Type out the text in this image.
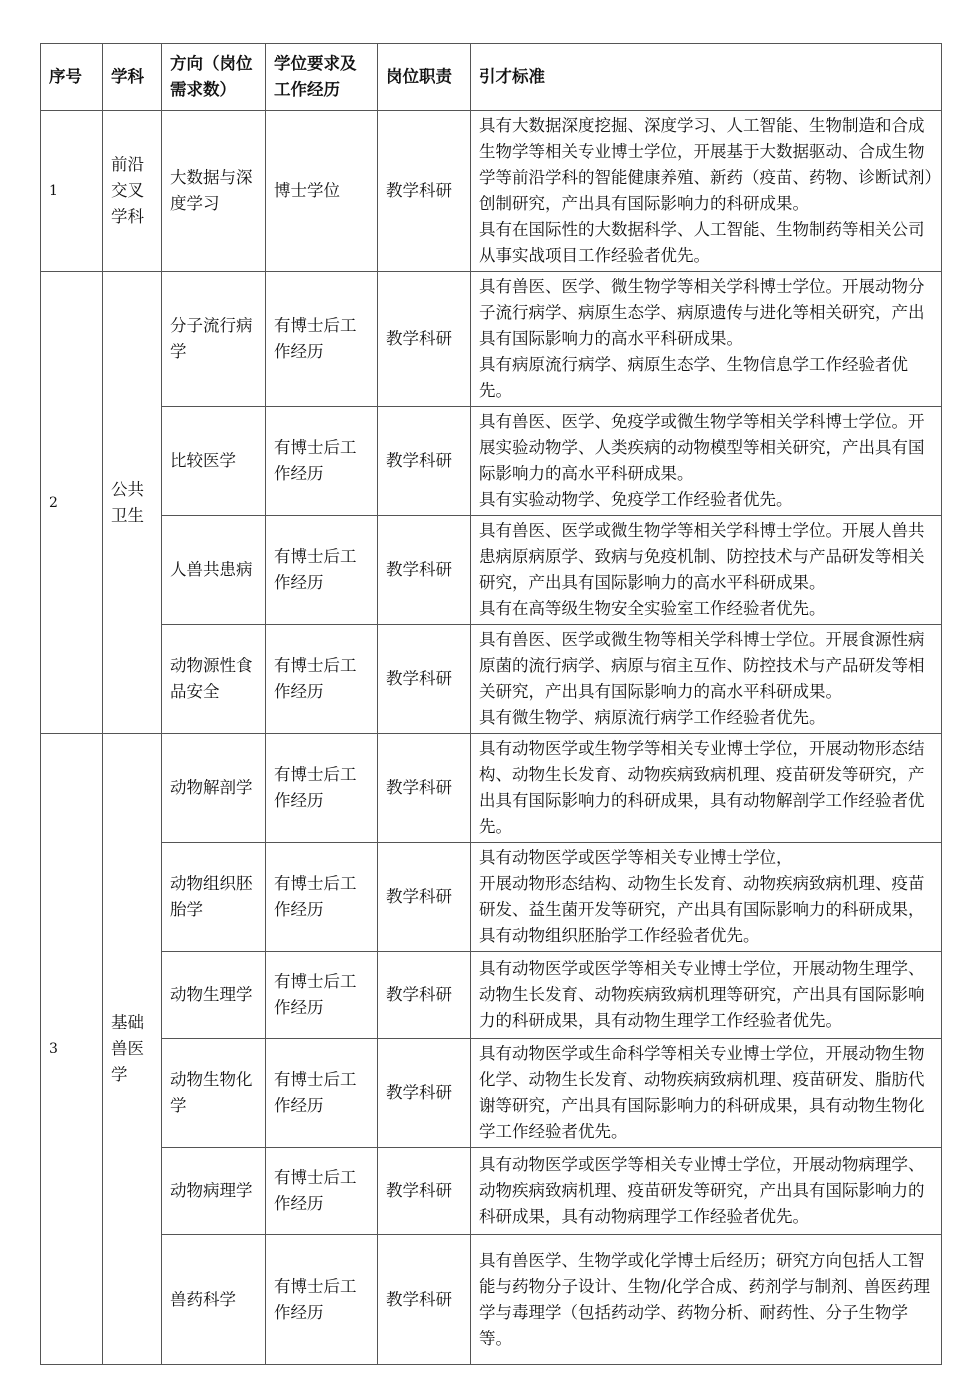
序号	学科	方向（岗位需求数）	学位要求及工作经历	岗位职责	引才标准
1	前沿交叉学科	大数据与深度学习	博士学位	教学科研	具有大数据深度挖掘、深度学习、人工智能、生物制造和合成生物学等相关专业博士学位，开展基于大数据驱动、合成生物学等前沿学科的智能健康养殖、新药（疫苗、药物、诊断试剂）创制研究，产出具有国际影响力的科研成果。
具有在国际性的大数据科学、人工智能、生物制药等相关公司从事实战项目工作经验者优先。

2	公共卫生	分子流行病学	有博士后工作经历	教学科研	具有兽医、医学、微生物学等相关学科博士学位。开展动物分子流行病学、病原生态学、病原遗传与进化等相关研究，产出具有国际影响力的高水平科研成果。
具有病原流行病学、病原生态学、生物信息学工作经验者优先。

		比较医学	有博士后工作经历	教学科研	具有兽医、医学、免疫学或微生物学等相关学科博士学位。开展实验动物学、人类疾病的动物模型等相关研究，产出具有国际影响力的高水平科研成果。
具有实验动物学、免疫学工作经验者优先。

		人兽共患病	有博士后工作经历	教学科研	具有兽医、医学或微生物学等相关学科博士学位。开展人兽共患病原病原学、致病与免疫机制、防控技术与产品研发等相关研究，产出具有国际影响力的高水平科研成果。
具有在高等级生物安全实验室工作经验者优先。

		动物源性食品安全	有博士后工作经历	教学科研	具有兽医、医学或微生物等相关学科博士学位。开展食源性病原菌的流行病学、病原与宿主互作、防控技术与产品研发等相关研究，产出具有国际影响力的高水平科研成果。
具有微生物学、病原流行病学工作经验者优先。

3	基础兽医学	动物解剖学	有博士后工作经历	教学科研	具有动物医学或生物学等相关专业博士学位，开展动物形态结构、动物生长发育、动物疾病致病机理、疫苗研发等研究，产出具有国际影响力的科研成果，具有动物解剖学工作经验者优先。

		动物组织胚胎学	有博士后工作经历	教学科研	具有动物医学或医学等相关专业博士学位，
开展动物形态结构、动物生长发育、动物疾病致病机理、疫苗研发、益生菌开发等研究，产出具有国际影响力的科研成果，具有动物组织胚胎学工作经验者优先。

		动物生理学	有博士后工作经历	教学科研	具有动物医学或医学等相关专业博士学位，开展动物生理学、动物生长发育、动物疾病致病机理等研究，产出具有国际影响力的科研成果，具有动物生理学工作经验者优先。

		动物生物化学	有博士后工作经历	教学科研	具有动物医学或生命科学等相关专业博士学位，开展动物生物化学、动物生长发育、动物疾病致病机理、疫苗研发、脂肪代谢等研究，产出具有国际影响力的科研成果，具有动物生物化学工作经验者优先。

		动物病理学	有博士后工作经历	教学科研	具有动物医学或医学等相关专业博士学位，开展动物病理学、动物疾病致病机理、疫苗研发等研究，产出具有国际影响力的科研成果，具有动物病理学工作经验者优先。

		兽药科学	有博士后工作经历	教学科研	具有兽医学、生物学或化学博士后经历；研究方向包括人工智能与药物分子设计、生物/化学合成、药剂学与制剂、兽医药理学与毒理学（包括药动学、药物分析、耐药性、分子生物学等。
